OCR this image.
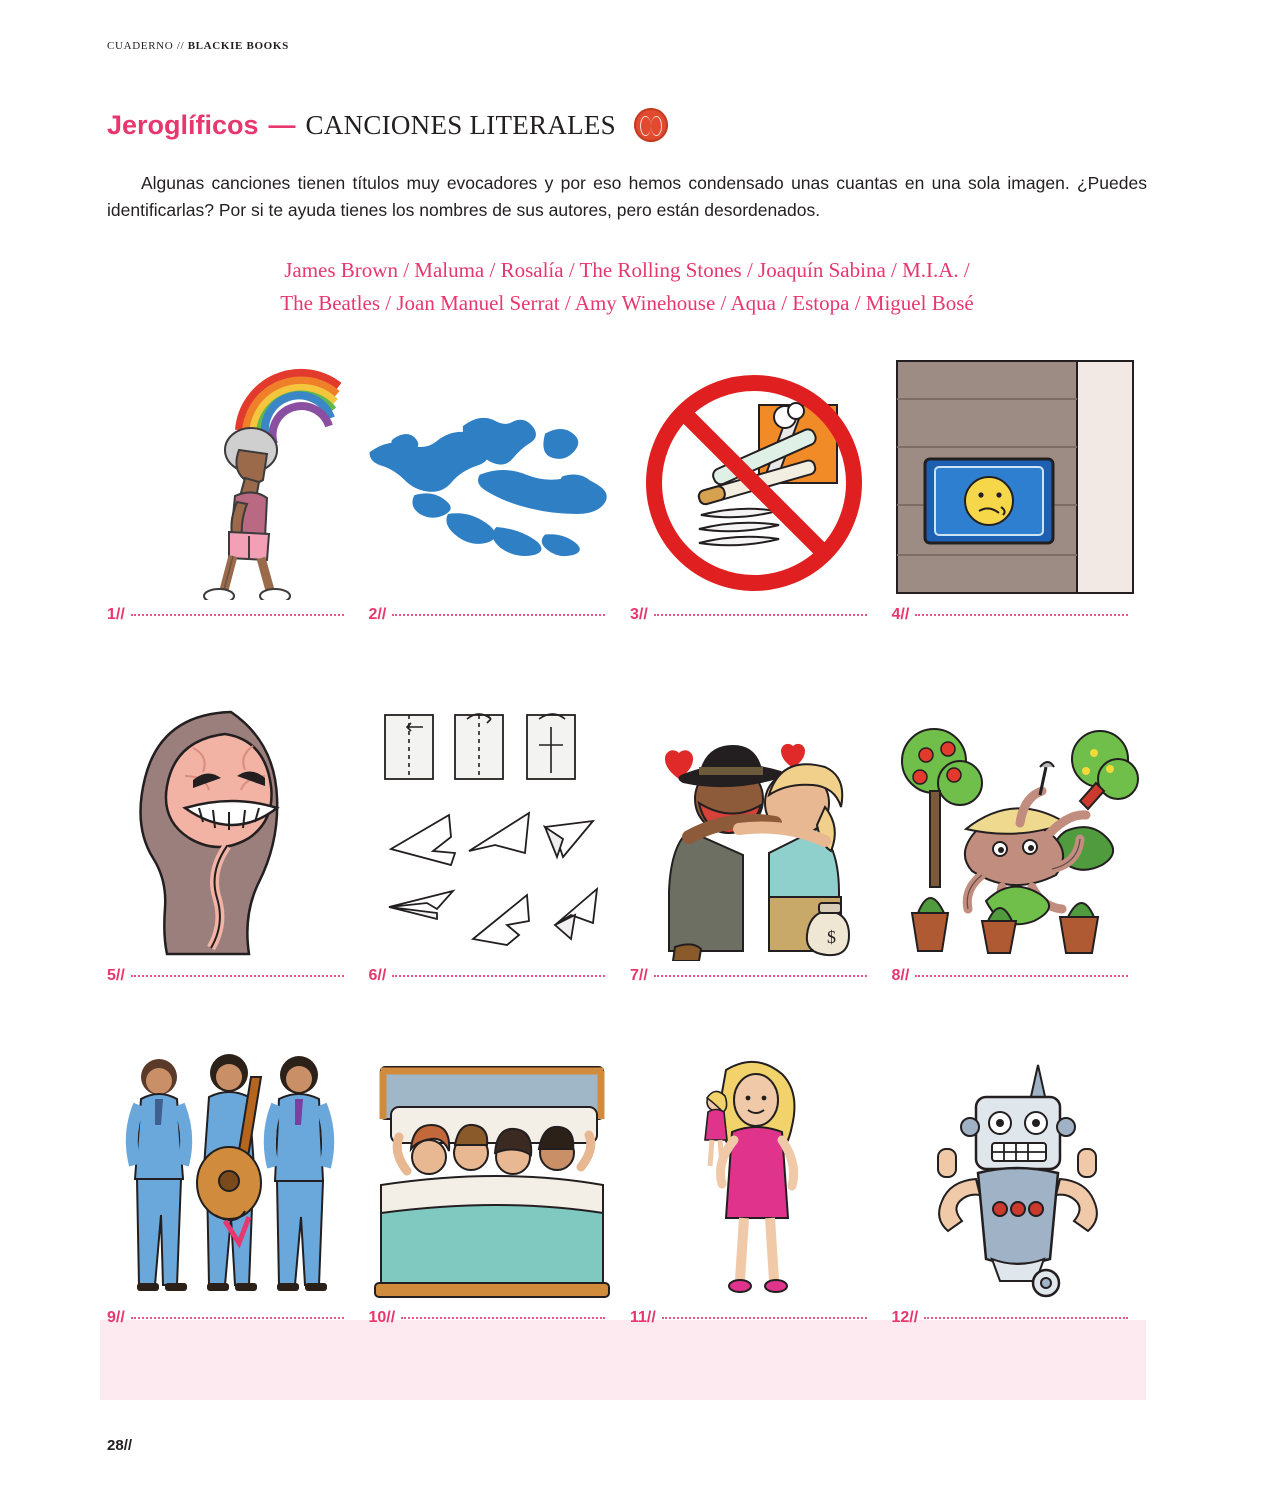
CUADERNO // BLACKIE BOOKS
Jeroglíficos — CANCIONES LITERALES
Algunas canciones tienen títulos muy evocadores y por eso hemos condensado unas cuantas en una sola imagen. ¿Puedes identificarlas? Por si te ayuda tienes los nombres de sus autores, pero están desordenados.
James Brown / Maluma / Rosalía / The Rolling Stones / Joaquín Sabina / M.I.A. /
The Beatles / Joan Manuel Serrat / Amy Winehouse / Aqua / Estopa / Miguel Bosé
1//	2//	3//	4//
5//	6//
$
7//	8//
9//	10//	11//	12//
28//
